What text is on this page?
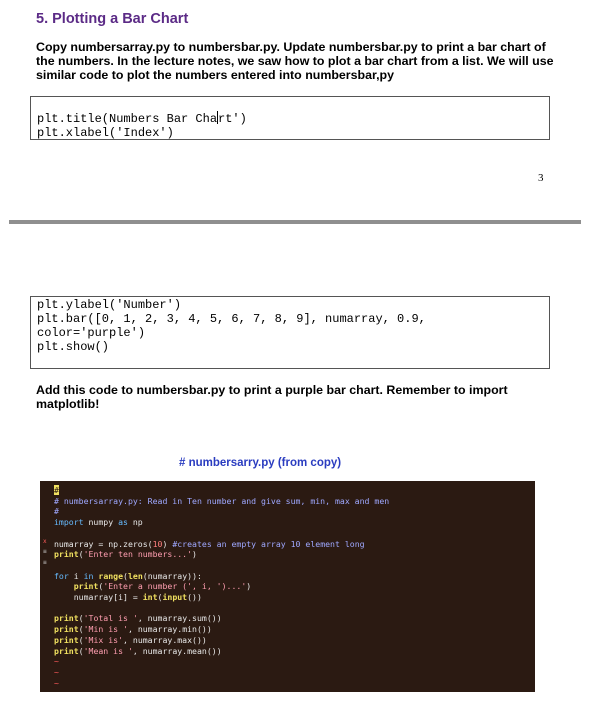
5. Plotting a Bar Chart
Copy numbersarray.py to numbersbar.py. Update numbersbar.py to print a bar chart of the numbers. In the lecture notes, we saw how to plot a bar chart from a list. We will use similar code to plot the numbers entered into numbersbar,py
plt.title(Numbers Bar Chart')
plt.xlabel('Index')
3
plt.ylabel('Number')
plt.bar([0, 1, 2, 3, 4, 5, 6, 7, 8, 9], numarray, 0.9,
color='purple')
plt.show()
Add this code to numbersbar.py to print a purple bar chart. Remember to import matplotlib!
# numbersarry.py (from copy)
x
≡
≡
#
# numbersarray.py: Read in Ten number and give sum, min, max and men
#
import numpy as np

numarray = np.zeros(10) #creates an empty array 10 element long
print('Enter ten numbers...')

for i in range(len(numarray)):
print('Enter a number (', i, ')...')
numarray[i] = int(input())

print('Total is ', numarray.sum())
print('Min is ', numarray.min())
print('Mix is', numarray.max())
print('Mean is ', numarray.mean())
~
~
~
